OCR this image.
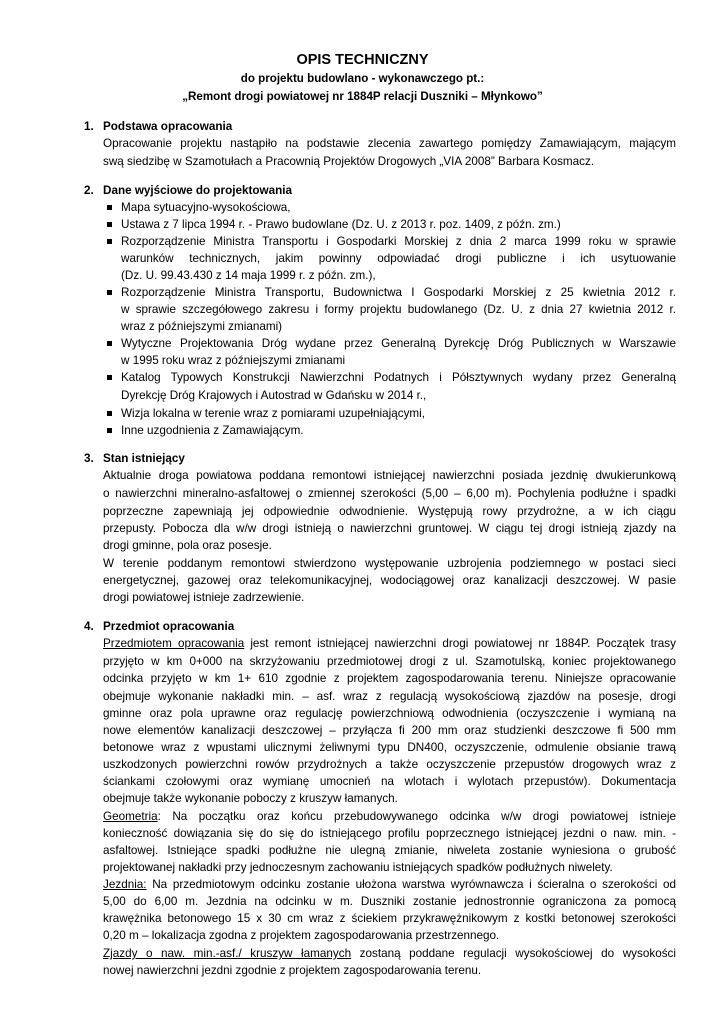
OPIS TECHNICZNY
do projektu budowlano - wykonawczego pt.:
„Remont drogi powiatowej nr 1884P relacji Duszniki – Młynkowo”
1. Podstawa opracowania
Opracowanie projektu nastąpiło na podstawie zlecenia zawartego pomiędzy Zamawiającym, mającym
swą siedzibę w Szamotułach a Pracownią Projektów Drogowych „VIA 2008” Barbara Kosmacz.
2. Dane wyjściowe do projektowania
Mapa sytuacyjno-wysokościowa,
Ustawa z 7 lipca 1994 r. - Prawo budowlane (Dz. U. z 2013 r. poz. 1409, z późn. zm.)
Rozporządzenie Ministra Transportu i Gospodarki Morskiej z dnia 2 marca 1999 roku w sprawie
warunków technicznych, jakim powinny odpowiadać drogi publiczne i ich usytuowanie
(Dz. U. 99.43.430 z 14 maja 1999 r. z późn. zm.),
Rozporządzenie Ministra Transportu, Budownictwa I Gospodarki Morskiej z 25 kwietnia 2012 r.
w sprawie szczegółowego zakresu i formy projektu budowlanego (Dz. U. z dnia 27 kwietnia 2012 r.
wraz z późniejszymi zmianami)
Wytyczne Projektowania Dróg wydane przez Generalną Dyrekcję Dróg Publicznych w Warszawie
w 1995 roku wraz z późniejszymi zmianami
Katalog Typowych Konstrukcji Nawierzchni Podatnych i Półsztywnych wydany przez Generalną
Dyrekcję Dróg Krajowych i Autostrad w Gdańsku w 2014 r.,
Wizja lokalna w terenie wraz z pomiarami uzupełniającymi,
Inne uzgodnienia z Zamawiającym.
3. Stan istniejący
Aktualnie droga powiatowa poddana remontowi istniejącej nawierzchni posiada jezdnię dwukierunkową
o nawierzchni mineralno-asfaltowej o zmiennej szerokości (5,00 – 6,00 m). Pochylenia podłużne i spadki
poprzeczne zapewniają jej odpowiednie odwodnienie. Występują rowy przydrożne, a w ich ciągu
przepusty. Pobocza dla w/w drogi istnieją o nawierzchni gruntowej. W ciągu tej drogi istnieją zjazdy na
drogi gminne, pola oraz posesje.
W terenie poddanym remontowi stwierdzono występowanie uzbrojenia podziemnego w postaci sieci
energetycznej, gazowej oraz telekomunikacyjnej, wodociągowej oraz kanalizacji deszczowej. W pasie
drogi powiatowej istnieje zadrzewienie.
4. Przedmiot opracowania
Przedmiotem opracowania jest remont istniejącej nawierzchni drogi powiatowej nr 1884P. Początek trasy
przyjęto w km 0+000 na skrzyżowaniu przedmiotowej drogi z ul. Szamotulską, koniec projektowanego
odcinka przyjęto w km 1+ 610 zgodnie z projektem zagospodarowania terenu. Niniejsze opracowanie
obejmuje wykonanie nakładki min. – asf. wraz z regulacją wysokościową zjazdów na posesje, drogi
gminne oraz pola uprawne oraz regulację powierzchniową odwodnienia (oczyszczenie i wymianą na
nowe elementów kanalizacji deszczowej – przyłącza fi 200 mm oraz studzienki deszczowe fi 500 mm
betonowe wraz z wpustami ulicznymi żeliwnymi typu DN400, oczyszczenie, odmulenie obsianie trawą
uszkodzonych powierzchni rowów przydrożnych a także oczyszczenie przepustów drogowych wraz z
ściankami czołowymi oraz wymianę umocnień na wlotach i wylotach przepustów). Dokumentacja
obejmuje także wykonanie poboczy z kruszyw łamanych.
Geometria: Na początku oraz końcu przebudowywanego odcinka w/w drogi powiatowej istnieje
konieczność dowiązania się do się do istniejącego profilu poprzecznego istniejącej jezdni o naw. min. -
asfaltowej. Istniejące spadki podłużne nie ulegną zmianie, niweleta zostanie wyniesiona o grubość
projektowanej nakładki przy jednoczesnym zachowaniu istniejących spadków podłużnych niwelety.
Jezdnia: Na przedmiotowym odcinku zostanie ułożona warstwa wyrównawcza i ścieralna o szerokości od
5,00 do 6,00 m. Jezdnia na odcinku w m. Duszniki zostanie jednostronnie ograniczona za pomocą
krawężnika betonowego 15 x 30 cm wraz z ściekiem przykrawężnikowym z kostki betonowej szerokości
0,20 m – lokalizacja zgodna z projektem zagospodarowania przestrzennego.
Zjazdy o naw. min.-asf./ kruszyw łamanych zostaną poddane regulacji wysokościowej do wysokości
nowej nawierzchni jezdni zgodnie z projektem zagospodarowania terenu.
